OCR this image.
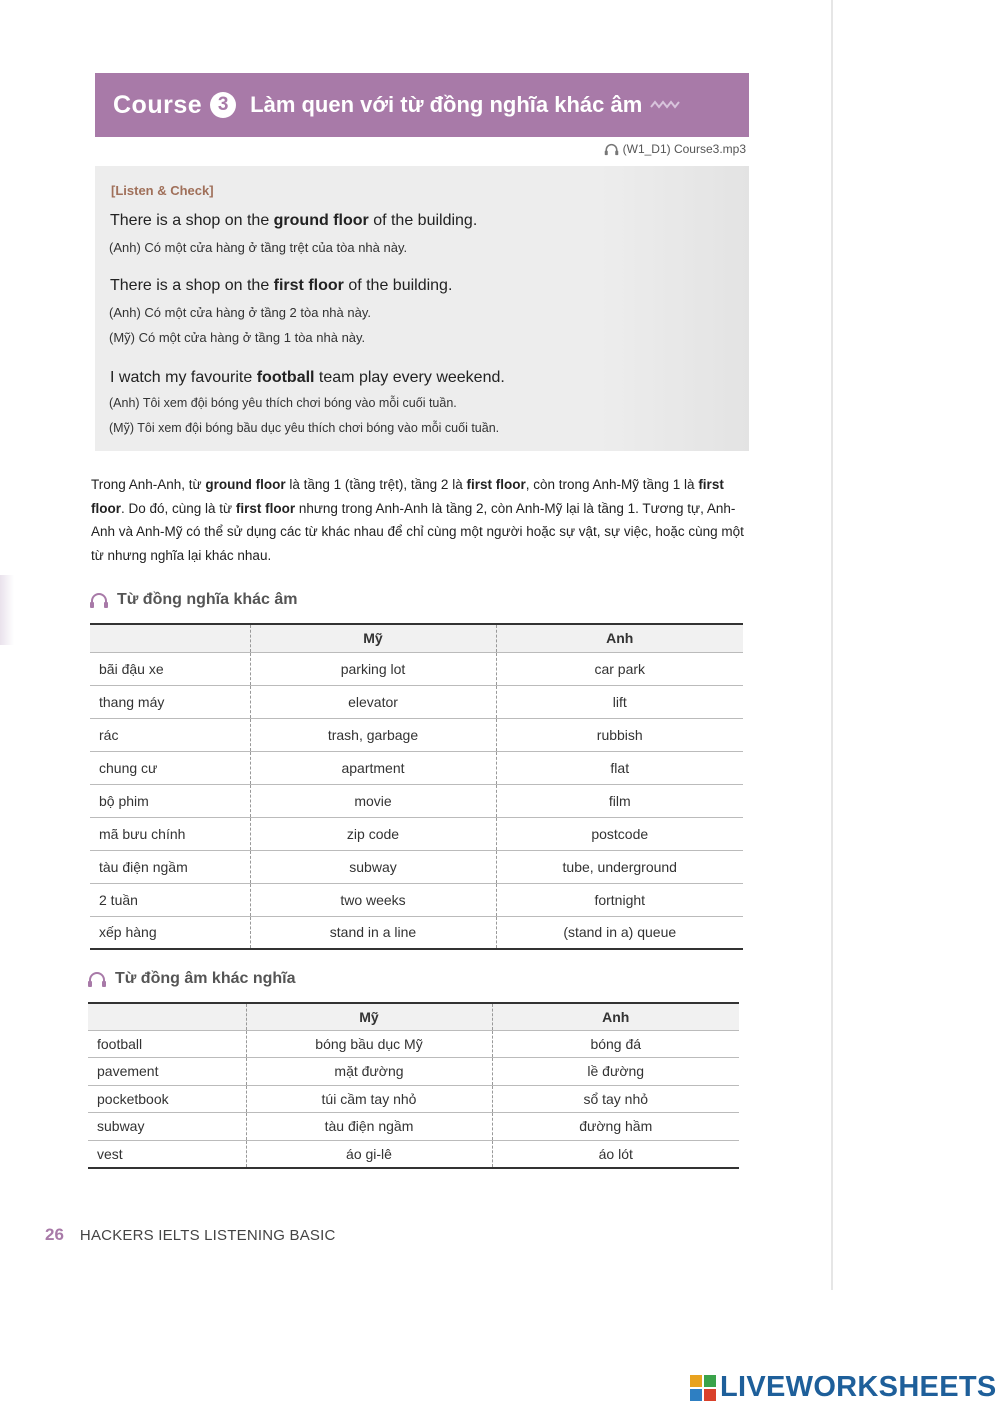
Course 3 Làm quen với từ đồng nghĩa khác âm
(W1_D1) Course3.mp3
[Listen & Check]
There is a shop on the ground floor of the building.
(Anh) Có một cửa hàng ở tầng trệt của tòa nhà này.
There is a shop on the first floor of the building.
(Anh) Có một cửa hàng ở tầng 2 tòa nhà này.
(Mỹ) Có một cửa hàng ở tầng 1 tòa nhà này.
I watch my favourite football team play every weekend.
(Anh) Tôi xem đội bóng yêu thích chơi bóng vào mỗi cuối tuần.
(Mỹ) Tôi xem đội bóng bầu dục yêu thích chơi bóng vào mỗi cuối tuần.
Trong Anh-Anh, từ ground floor là tầng 1 (tầng trệt), tầng 2 là first floor, còn trong Anh-Mỹ tầng 1 là first floor. Do đó, cùng là từ first floor nhưng trong Anh-Anh là tầng 2, còn Anh-Mỹ lại là tầng 1. Tương tự, Anh-Anh và Anh-Mỹ có thể sử dụng các từ khác nhau để chỉ cùng một người hoặc sự vật, sự việc, hoặc cùng một từ nhưng nghĩa lại khác nhau.
Từ đồng nghĩa khác âm
	Mỹ	Anh
bãi đậu xe	parking lot	car park
thang máy	elevator	lift
rác	trash, garbage	rubbish
chung cư	apartment	flat
bộ phim	movie	film
mã bưu chính	zip code	postcode
tàu điện ngầm	subway	tube, underground
2 tuần	two weeks	fortnight
xếp hàng	stand in a line	(stand in a) queue
Từ đồng âm khác nghĩa
	Mỹ	Anh
football	bóng bầu dục Mỹ	bóng đá
pavement	mặt đường	lề đường
pocketbook	túi cầm tay nhỏ	sổ tay nhỏ
subway	tàu điện ngầm	đường hầm
vest	áo gi-lê	áo lót
26 HACKERS IELTS LISTENING BASIC
LIVEWORKSHEETS
